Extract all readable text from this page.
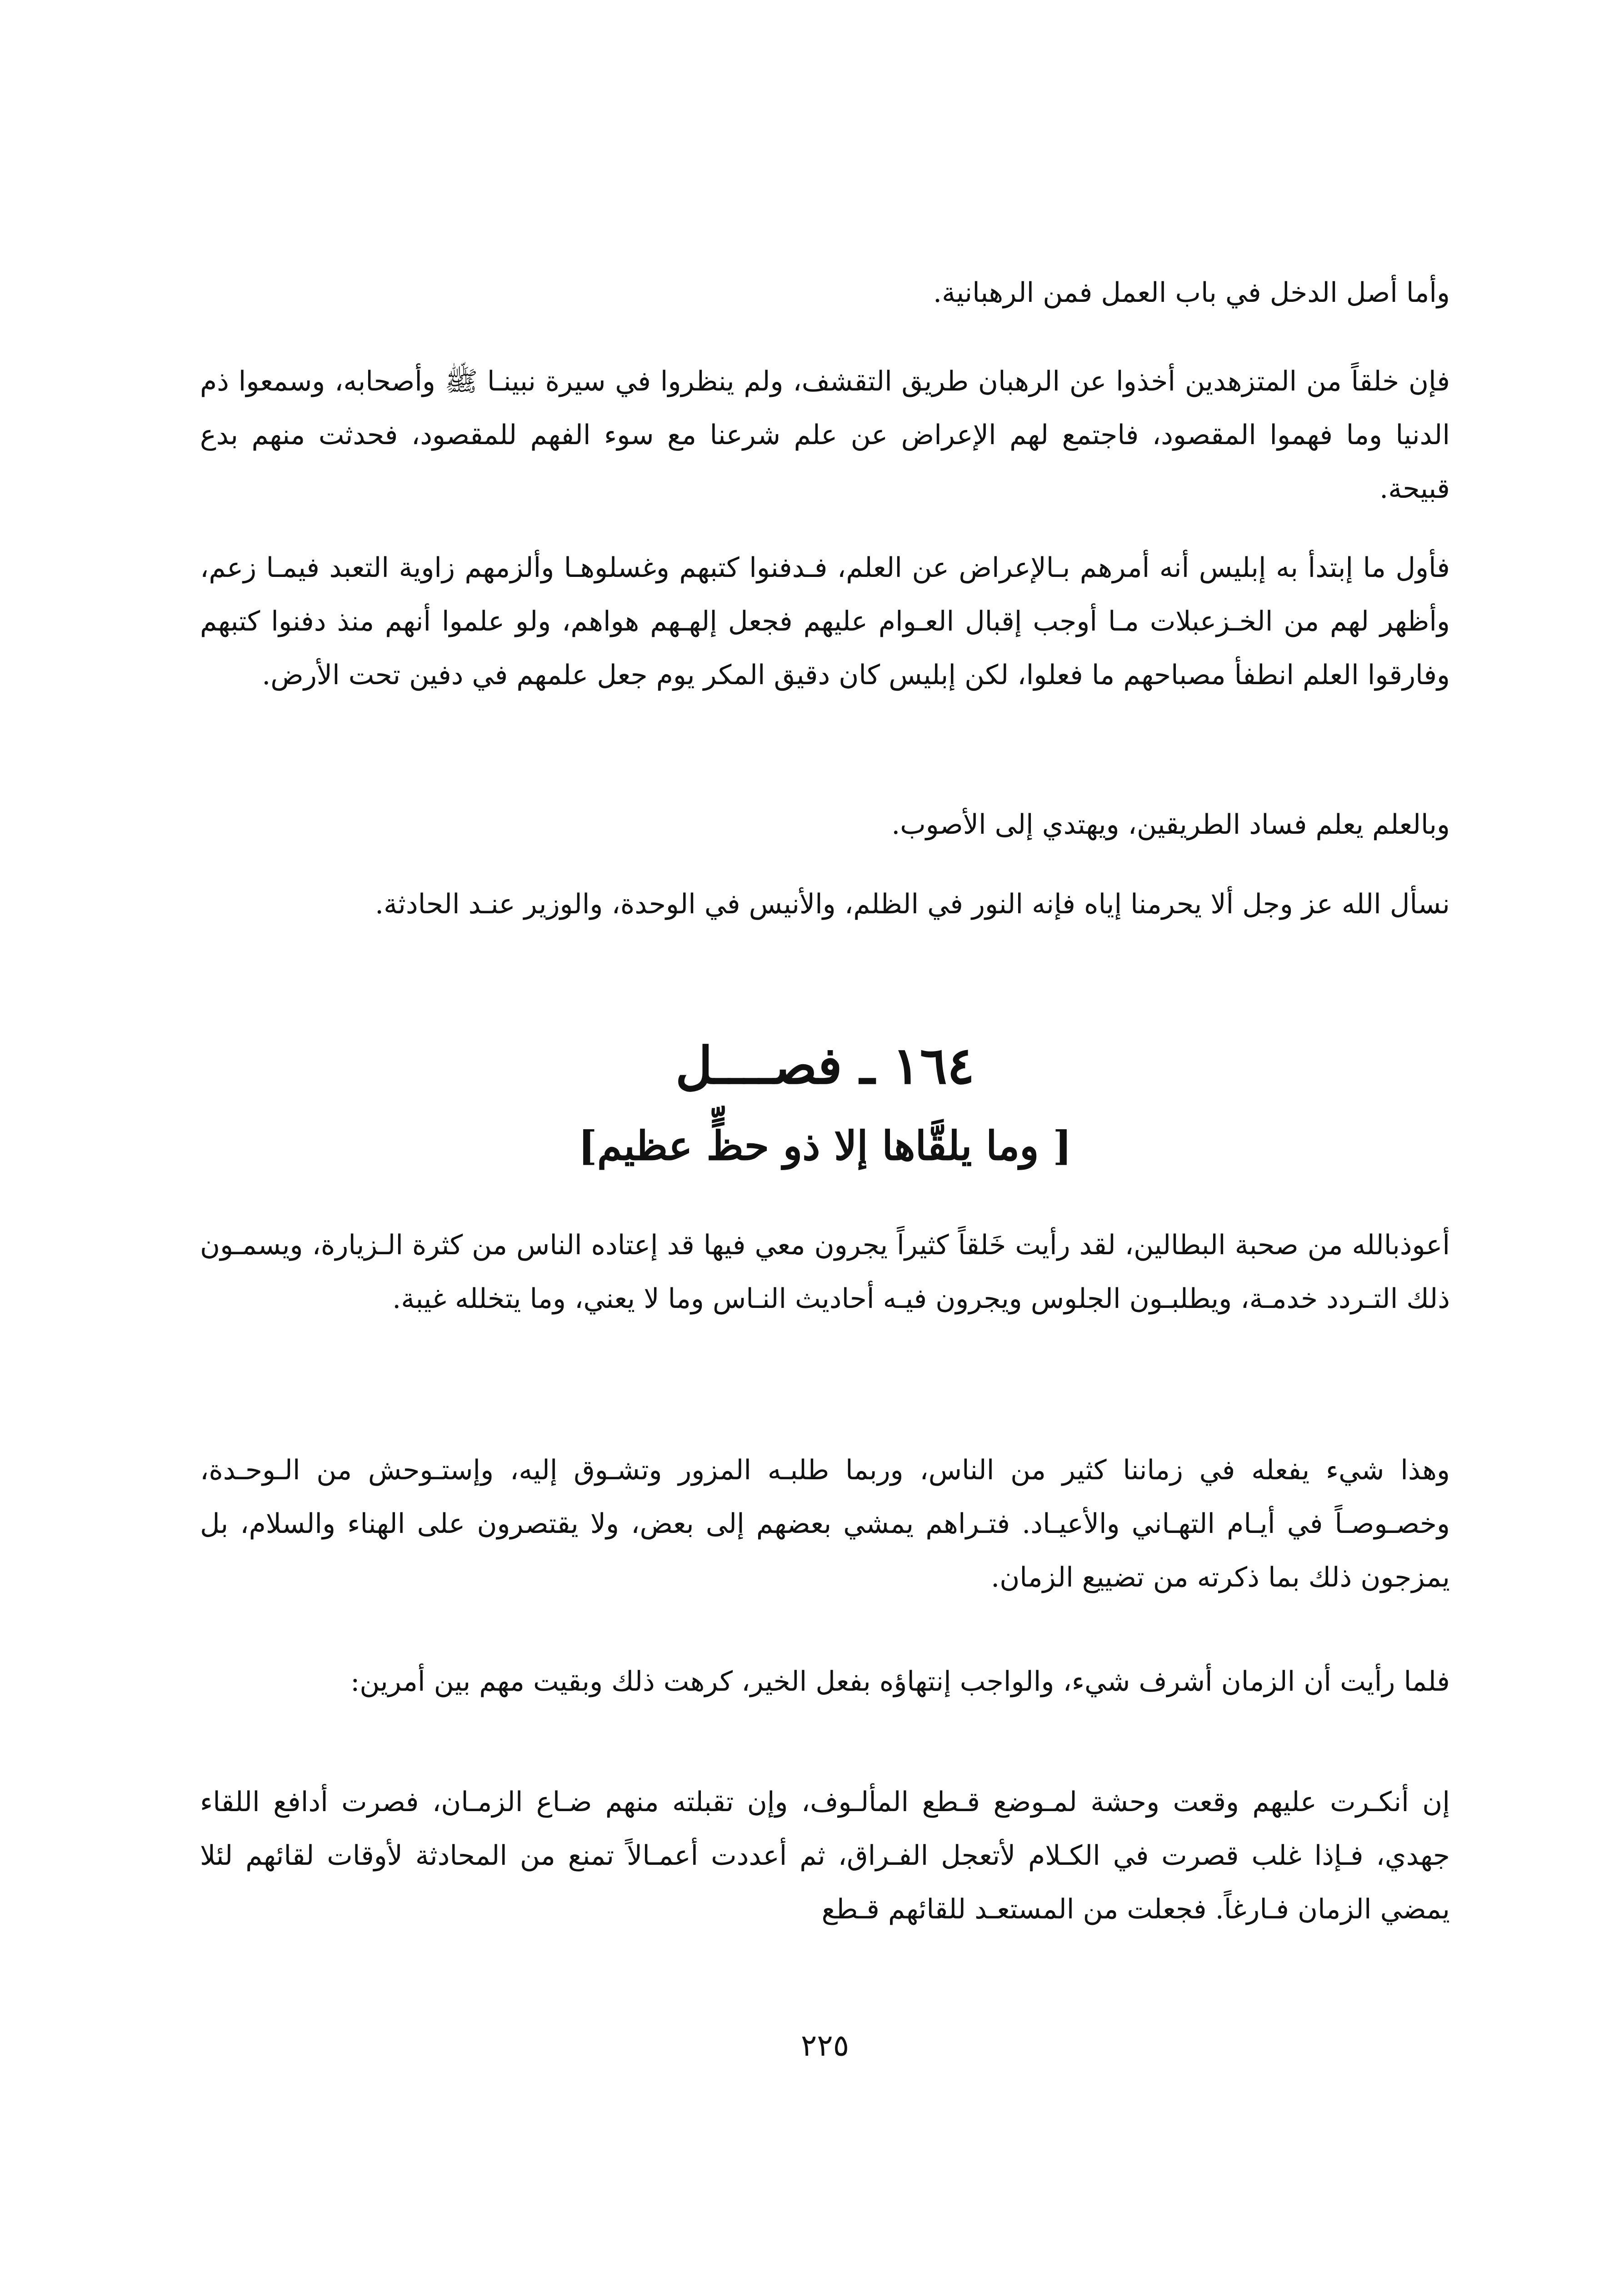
وأما أصل الدخل في باب العمل فمن الرهبانية.

فإن خلقاً من المتزهدين أخذوا عن الرهبان طريق التقشف، ولم ينظروا في سيرة نبينـا ﷺ وأصحابه، وسمعوا ذم الدنيا وما فهموا المقصود، فاجتمع لهم الإعراض عن علم شرعنا مع سوء الفهم للمقصود، فحدثت منهم بدع قبيحة.

فأول ما إبتدأ به إبليس أنه أمرهم بـالإعراض عن العلم، فـدفنوا كتبهم وغسلوهـا وألزمهم زاوية التعبد فيمـا زعم، وأظهر لهم من الخـزعبلات مـا أوجب إقبال العـوام عليهم فجعل إلهـهم هواهم، ولو علموا أنهم منذ دفنوا كتبهم وفارقوا العلم انطفأ مصباحهم ما فعلوا، لكن إبليس كان دقيق المكر يوم جعل علمهم في دفين تحت الأرض.

وبالعلم يعلم فساد الطريقين، ويهتدي إلى الأصوب.

نسأل الله عز وجل ألا يحرمنا إياه فإنه النور في الظلم، والأنيس في الوحدة، والوزير عنـد الحادثة.

١٦٤ ـ فصــــل
[ وما يلقَّاها إلا ذو حظٍّ عظيم]

أعوذبالله من صحبة البطالين، لقد رأيت خَلقاً كثيراً يجرون معي فيها قد إعتاده الناس من كثرة الـزيارة، ويسمـون ذلك التـردد خدمـة، ويطلبـون الجلوس ويجرون فيـه أحاديث النـاس وما لا يعني، وما يتخلله غيبة.

وهذا شيء يفعله في زماننا كثير من الناس، وربما طلبـه المزور وتشـوق إليه، وإستـوحش من الـوحـدة، وخصـوصـاً في أيـام التهـاني والأعيـاد. فتـراهم يمشي بعضهم إلى بعض، ولا يقتصرون على الهناء والسلام، بل يمزجون ذلك بما ذكرته من تضييع الزمان.

فلما رأيت أن الزمان أشرف شيء، والواجب إنتهاؤه بفعل الخير، كرهت ذلك وبقيت مهم بين أمرين:

إن أنكـرت عليهم وقعت وحشة لمـوضع قـطع المألـوف، وإن تقبلته منهم ضـاع الزمـان، فصرت أدافع اللقاء جهدي، فـإذا غلب قصرت في الكـلام لأتعجل الفـراق، ثم أعددت أعمـالاً تمنع من المحادثة لأوقات لقائهم لئلا يمضي الزمان فـارغاً. فجعلت من المستعـد للقائهم قـطع

٢٢٥
